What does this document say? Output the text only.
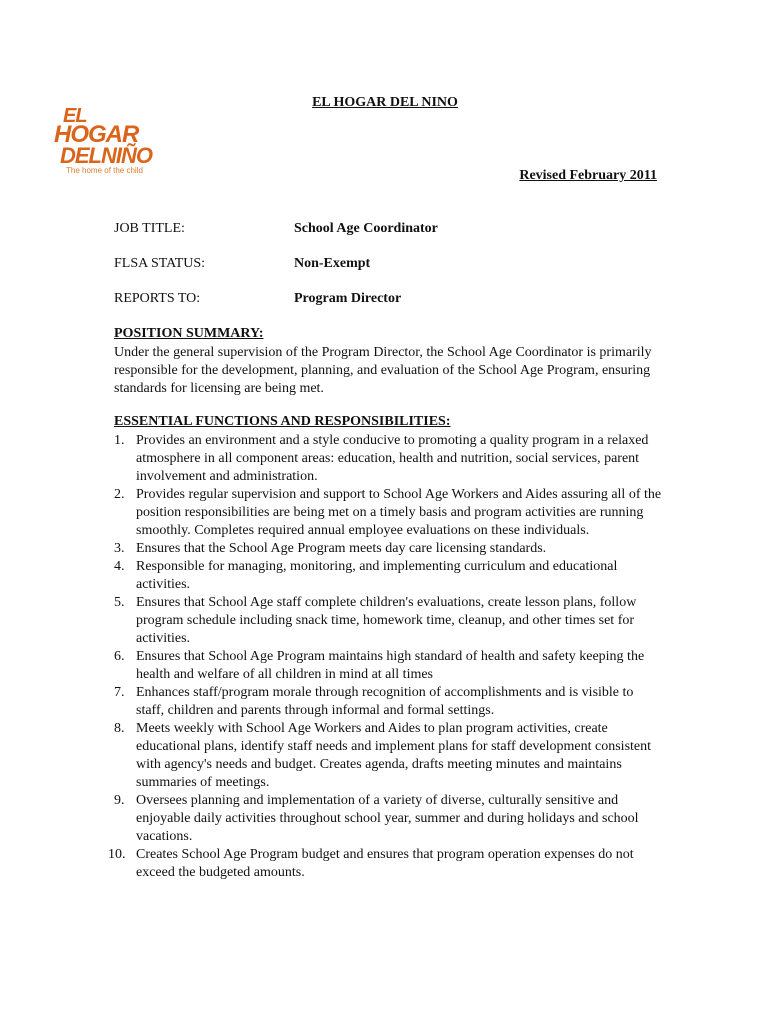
EL
HOGAR
DELNIÑO
The home of the child
EL HOGAR DEL NINO
Revised February 2011
JOB TITLE:	School Age Coordinator
FLSA STATUS:	Non-Exempt
REPORTS TO:	Program Director
POSITION SUMMARY:

Under the general supervision of the Program Director, the School Age Coordinator is primarily responsible for the development, planning, and evaluation of the School Age Program, ensuring standards for licensing are being met.

ESSENTIAL FUNCTIONS AND RESPONSIBILITIES:
1. Provides an environment and a style conducive to promoting a quality program in a relaxed atmosphere in all component areas: education, health and nutrition, social services, parent involvement and administration.
2. Provides regular supervision and support to School Age Workers and Aides assuring all of the position responsibilities are being met on a timely basis and program activities are running smoothly. Completes required annual employee evaluations on these individuals.
3. Ensures that the School Age Program meets day care licensing standards.
4. Responsible for managing, monitoring, and implementing curriculum and educational activities.
5. Ensures that School Age staff complete children's evaluations, create lesson plans, follow program schedule including snack time, homework time, cleanup, and other times set for activities.
6. Ensures that School Age Program maintains high standard of health and safety keeping the health and welfare of all children in mind at all times
7. Enhances staff/program morale through recognition of accomplishments and is visible to staff, children and parents through informal and formal settings.
8. Meets weekly with School Age Workers and Aides to plan program activities, create educational plans, identify staff needs and implement plans for staff development consistent with agency's needs and budget. Creates agenda, drafts meeting minutes and maintains summaries of meetings.
9. Oversees planning and implementation of a variety of diverse, culturally sensitive and enjoyable daily activities throughout school year, summer and during holidays and school vacations.
10. Creates School Age Program budget and ensures that program operation expenses do not exceed the budgeted amounts.
